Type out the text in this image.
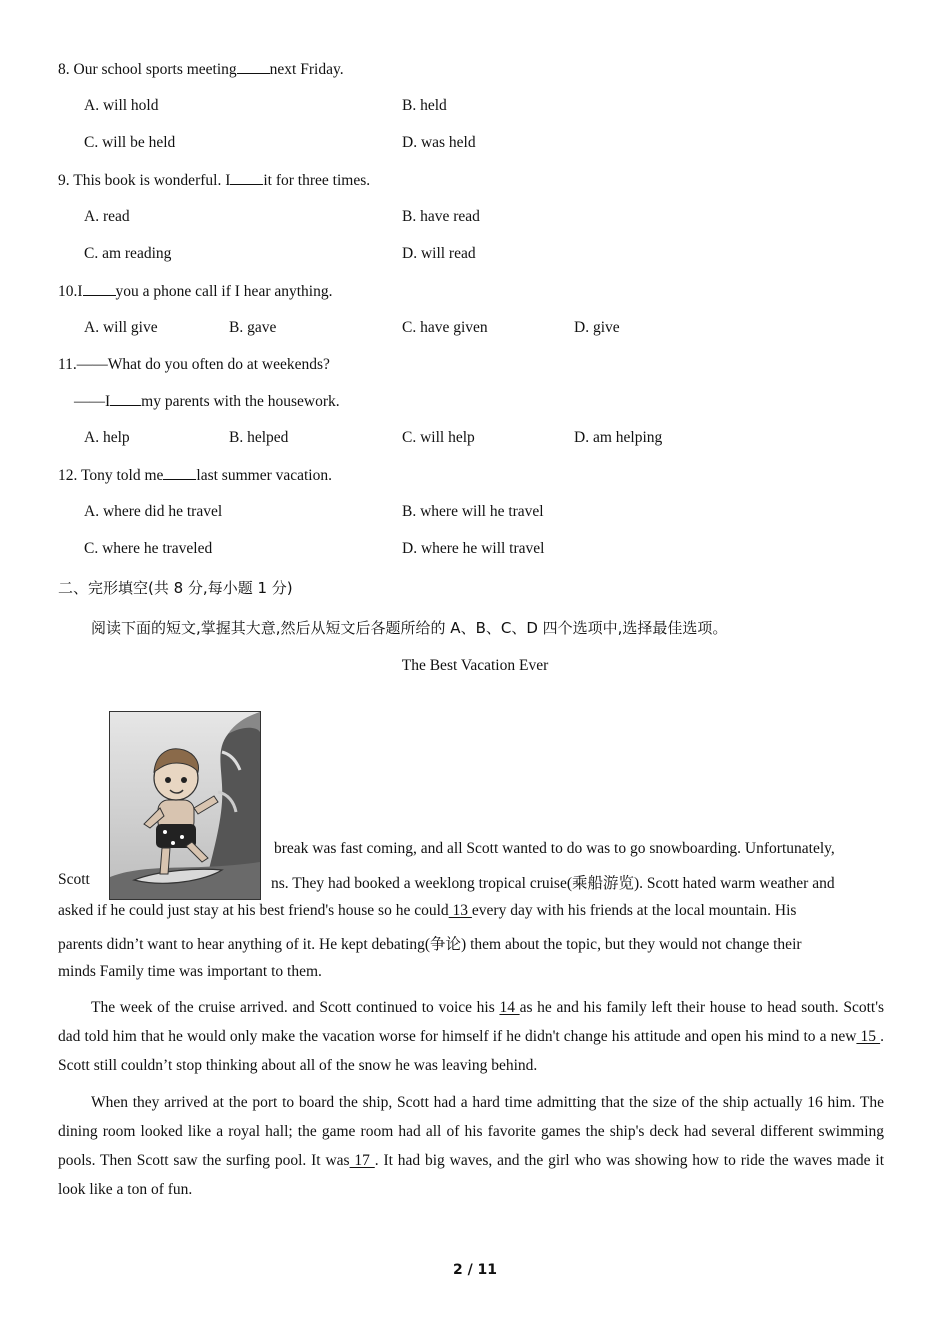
8. Our school sports meeting next Friday.
A. will hold	B. held
C. will be held	D. was held
9. This book is wonderful. I it for three times.
A. read	B. have read
C. am reading	D. will read
10.I you a phone call if I hear anything.
A. will give	B. gave	C. have given	D. give
11.——What do you often do at weekends?
——I my parents with the housework.
A. help	B. helped	C. will help	D. am helping
12. Tony told me last summer vacation.
A. where did he travel	B. where will he travel
C. where he traveled	D. where he will travel
二、完形填空(共 8 分,每小题 1 分)
阅读下面的短文,掌握其大意,然后从短文后各题所给的 A、B、C、D 四个选项中,选择最佳选项。
The Best Vacation Ever
break was fast coming, and all Scott wanted to do was to go snowboarding. Unfortunately,
Scott	ns. They had booked a weeklong tropical cruise(乘船游览). Scott hated warm weather and
asked if he could just stay at his best friend's house so he could 13 every day with his friends at the local mountain. His
parents didn’t want to hear anything of it. He kept debating(争论) them about the topic, but they would not change their
minds Family time was important to them.
The week of the cruise arrived. and Scott continued to voice his 14 as he and his family left their house to head south. Scott's dad told him that he would only make the vacation worse for himself if he didn't change his attitude and open his mind to a new 15 . Scott still couldn’t stop thinking about all of the snow he was leaving behind.
When they arrived at the port to board the ship, Scott had a hard time admitting that the size of the ship actually 16 him. The dining room looked like a royal hall; the game room had all of his favorite games the ship's deck had several different swimming pools. Then Scott saw the surfing pool. It was 17 . It had big waves, and the girl who was showing how to ride the waves made it look like a ton of fun.
2 / 11
